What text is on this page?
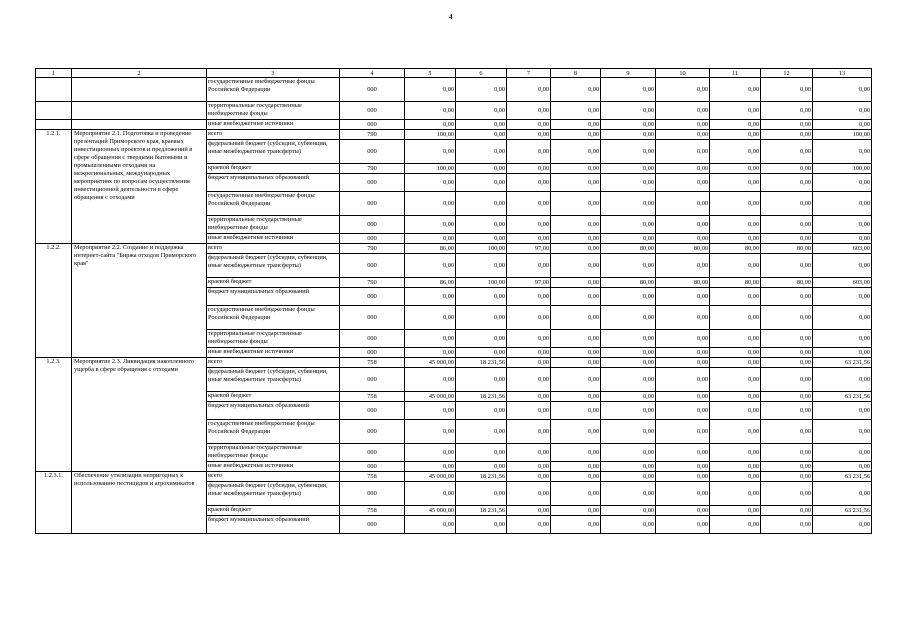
4
1	2	3	4	5	6	7	8	9	10	11	12	13
		государственные внебюджетные фонды Российской Федерации	000	0,00	0,00	0,00	0,00	0,00	0,00	0,00	0,00	0,00
		территориальные государственные внебюджетные фонды	000	0,00	0,00	0,00	0,00	0,00	0,00	0,00	0,00	0,00
		иные внебюджетные источники	000	0,00	0,00	0,00	0,00	0,00	0,00	0,00	0,00	0,00
1.2.1.	Мероприятие 2.1. Подготовка и проведение презентаций Приморского края, краевых инвестиционных проектов и предложений в сфере обращения с твердыми бытовыми и промышленными отходами на межрегиональных, международных мероприятиях по вопросам осуществления инвестиционной деятельности в сфере обращения с отходами	всего	790	100,00	0,00	0,00	0,00	0,00	0,00	0,00	0,00	100,00
		федеральный бюджет (субсидии, субвенции, иные межбюджетные трансферты)	000	0,00	0,00	0,00	0,00	0,00	0,00	0,00	0,00	0,00
		краевой бюджет	790	100,00	0,00	0,00	0,00	0,00	0,00	0,00	0,00	100,00
		бюджет муниципальных образований	000	0,00	0,00	0,00	0,00	0,00	0,00	0,00	0,00	0,00
		государственные внебюджетные фонды Российской Федерации	000	0,00	0,00	0,00	0,00	0,00	0,00	0,00	0,00	0,00
		территориальные государственные внебюджетные фонды	000	0,00	0,00	0,00	0,00	0,00	0,00	0,00	0,00	0,00
		иные внебюджетные источники	000	0,00	0,00	0,00	0,00	0,00	0,00	0,00	0,00	0,00
1.2.2.	Мероприятие 2.2. Создание и поддержка интернет-сайта "Биржа отходов Приморского края"	всего	790	86,00	100,00	97,00	0,00	80,00	80,00	80,00	80,00	603,00
		федеральный бюджет (субсидии, субвенции, иные межбюджетные трансферты)	000	0,00	0,00	0,00	0,00	0,00	0,00	0,00	0,00	0,00
		краевой бюджет	790	86,00	100,00	97,00	0,00	80,00	80,00	80,00	80,00	603,00
		бюджет муниципальных образований	000	0,00	0,00	0,00	0,00	0,00	0,00	0,00	0,00	0,00
		государственные внебюджетные фонды Российской Федерации	000	0,00	0,00	0,00	0,00	0,00	0,00	0,00	0,00	0,00
		территориальные государственные внебюджетные фонды	000	0,00	0,00	0,00	0,00	0,00	0,00	0,00	0,00	0,00
		иные внебюджетные источники	000	0,00	0,00	0,00	0,00	0,00	0,00	0,00	0,00	0,00
1.2.3.	Мероприятие 2.3. Ликвидация накопленного ущерба в сфере обращения с отходами	всего	758	45 000,00	18 231,56	0,00	0,00	0,00	0,00	0,00	0,00	63 231,56
		федеральный бюджет (субсидии, субвенции, иные межбюджетные трансферты)	000	0,00	0,00	0,00	0,00	0,00	0,00	0,00	0,00	0,00
		краевой бюджет	758	45 000,00	18 231,56	0,00	0,00	0,00	0,00	0,00	0,00	63 231,56
		бюджет муниципальных образований	000	0,00	0,00	0,00	0,00	0,00	0,00	0,00	0,00	0,00
		государственные внебюджетные фонды Российской Федерации	000	0,00	0,00	0,00	0,00	0,00	0,00	0,00	0,00	0,00
		территориальные государственные внебюджетные фонды	000	0,00	0,00	0,00	0,00	0,00	0,00	0,00	0,00	0,00
		иные внебюджетные источники	000	0,00	0,00	0,00	0,00	0,00	0,00	0,00	0,00	0,00
1.2.3.1.	Обеспечение утилизации непригодных к использованию пестицидов и агрохимикатов	всего	758	45 000,00	18 231,56	0,00	0,00	0,00	0,00	0,00	0,00	63 231,56
		федеральный бюджет (субсидии, субвенции, иные межбюджетные трансферты)	000	0,00	0,00	0,00	0,00	0,00	0,00	0,00	0,00	0,00
		краевой бюджет	758	45 000,00	18 231,56	0,00	0,00	0,00	0,00	0,00	0,00	63 231,56
		бюджет муниципальных образований	000	0,00	0,00	0,00	0,00	0,00	0,00	0,00	0,00	0,00
